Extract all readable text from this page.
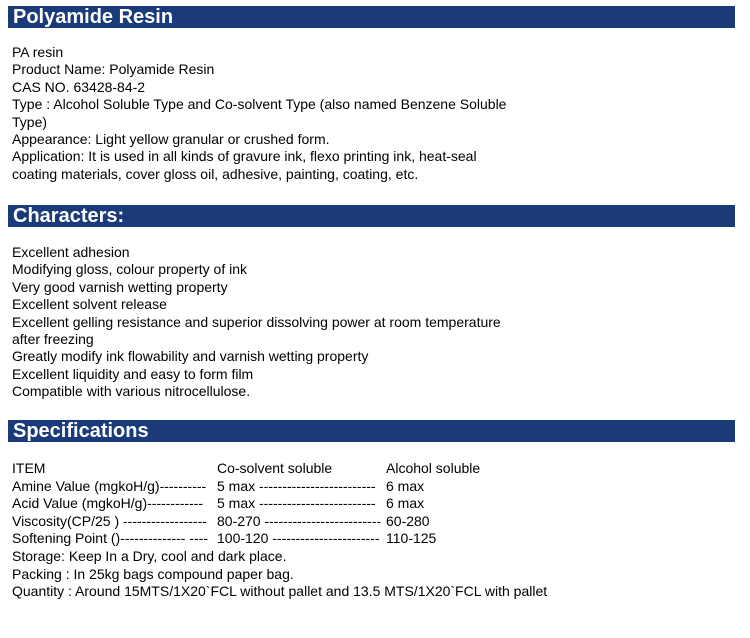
Polyamide Resin
PA resin
Product Name: Polyamide Resin
CAS NO. 63428-84-2
Type : Alcohol Soluble Type and Co-solvent Type (also named Benzene Soluble Type)
Appearance: Light yellow granular or crushed form.
Application: It is used in all kinds of gravure ink, flexo printing ink, heat-seal coating materials, cover gloss oil, adhesive, painting, coating, etc.
Characters:
Excellent adhesion
Modifying gloss, colour property of ink
Very good varnish wetting property
Excellent solvent release
Excellent gelling resistance and superior dissolving power at room temperature after freezing
Greatly modify ink flowability and varnish wetting property
Excellent liquidity and easy to form film
Compatible with various nitrocellulose.
Specifications
ITEM	Co-solvent soluble	Alcohol soluble
Amine Value (mgkoH/g)---------- 5 max ------------------------- 6 max
Acid Value (mgkoH/g)------------ 5 max ------------------------- 6 max
Viscosity(CP/25 ) ------------------ 80-270 ------------------------- 60-280
Softening Point ()-------------- ---- 100-120 ----------------------- 110-125
Storage: Keep In a Dry, cool and dark place.
Packing : In 25kg bags compound paper bag.
Quantity : Around 15MTS/1X20`FCL without pallet and 13.5 MTS/1X20`FCL with pallet
